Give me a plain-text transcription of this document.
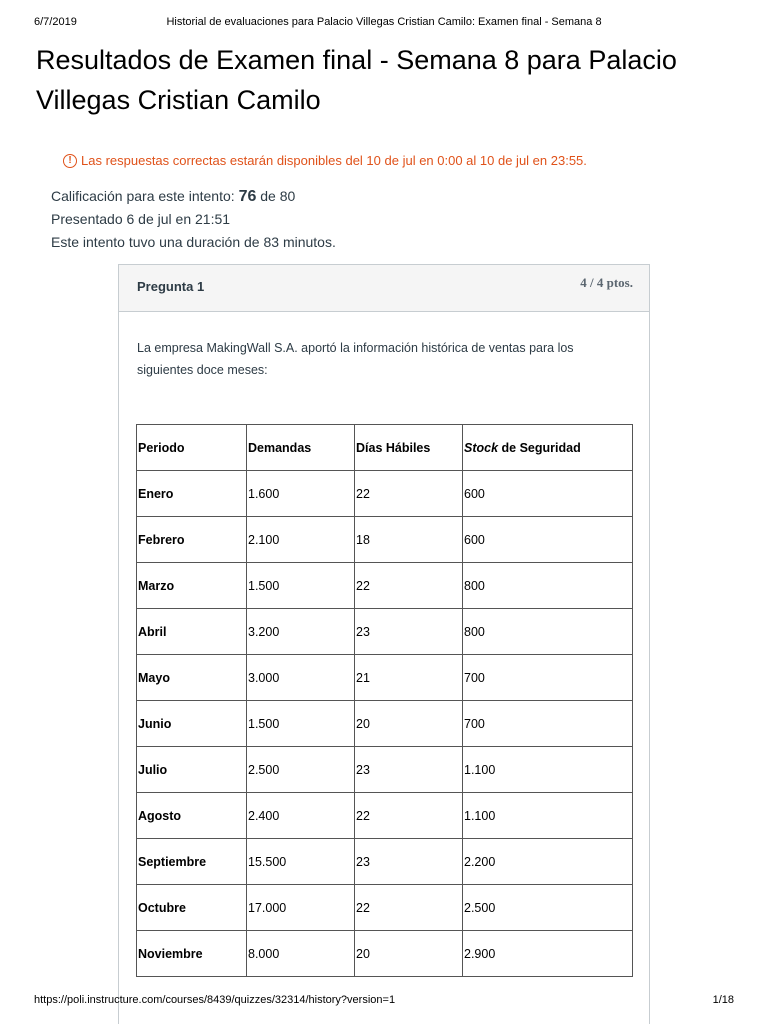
6/7/2019	Historial de evaluaciones para Palacio Villegas Cristian Camilo: Examen final - Semana 8
Resultados de Examen final - Semana 8 para Palacio Villegas Cristian Camilo
! Las respuestas correctas estarán disponibles del 10 de jul en 0:00 al 10 de jul en 23:55.
Calificación para este intento: 76 de 80
Presentado 6 de jul en 21:51
Este intento tuvo una duración de 83 minutos.
Pregunta 1	4 / 4 ptos.
La empresa MakingWall S.A. aportó la información histórica de ventas para los siguientes doce meses:
Periodo	Demandas	Días Hábiles	Stock de Seguridad
Enero	1.600	22	600
Febrero	2.100	18	600
Marzo	1.500	22	800
Abril	3.200	23	800
Mayo	3.000	21	700
Junio	1.500	20	700
Julio	2.500	23	1.100
Agosto	2.400	22	1.100
Septiembre	15.500	23	2.200
Octubre	17.000	22	2.500
Noviembre	8.000	20	2.900
https://poli.instructure.com/courses/8439/quizzes/32314/history?version=1	1/18
